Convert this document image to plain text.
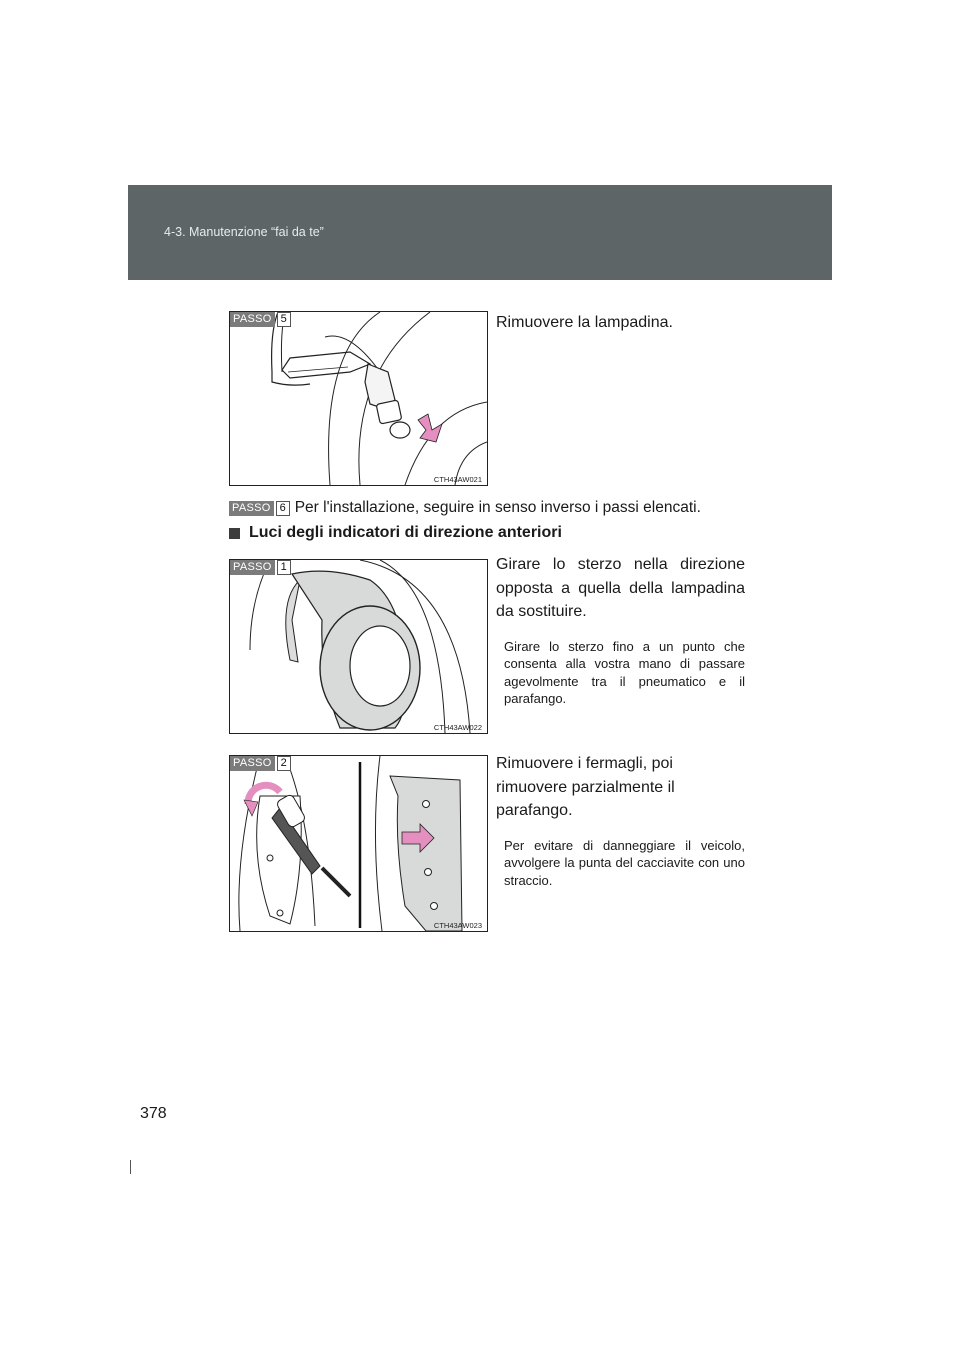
4-3. Manutenzione “fai da te”
CTH43AW021
PASSO 5	Rimuovere la lampadina.

PASSO 6 Per l'installazione, seguire in senso inverso i passi elencati.
Luci degli indicatori di direzione anteriori
CTH43AW022
PASSO 1	Girare lo sterzo nella direzione opposta a quella della lampadina da sostituire.

Girare lo sterzo fino a un punto che consenta alla vostra mano di passare agevolmente tra il pneumatico e il parafango.

CTH43AW023
PASSO 2	Rimuovere i fermagli, poi rimuovere parzialmente il parafango.

Per evitare di danneggiare il veicolo, avvolgere la punta del cacciavite con uno straccio.

378
